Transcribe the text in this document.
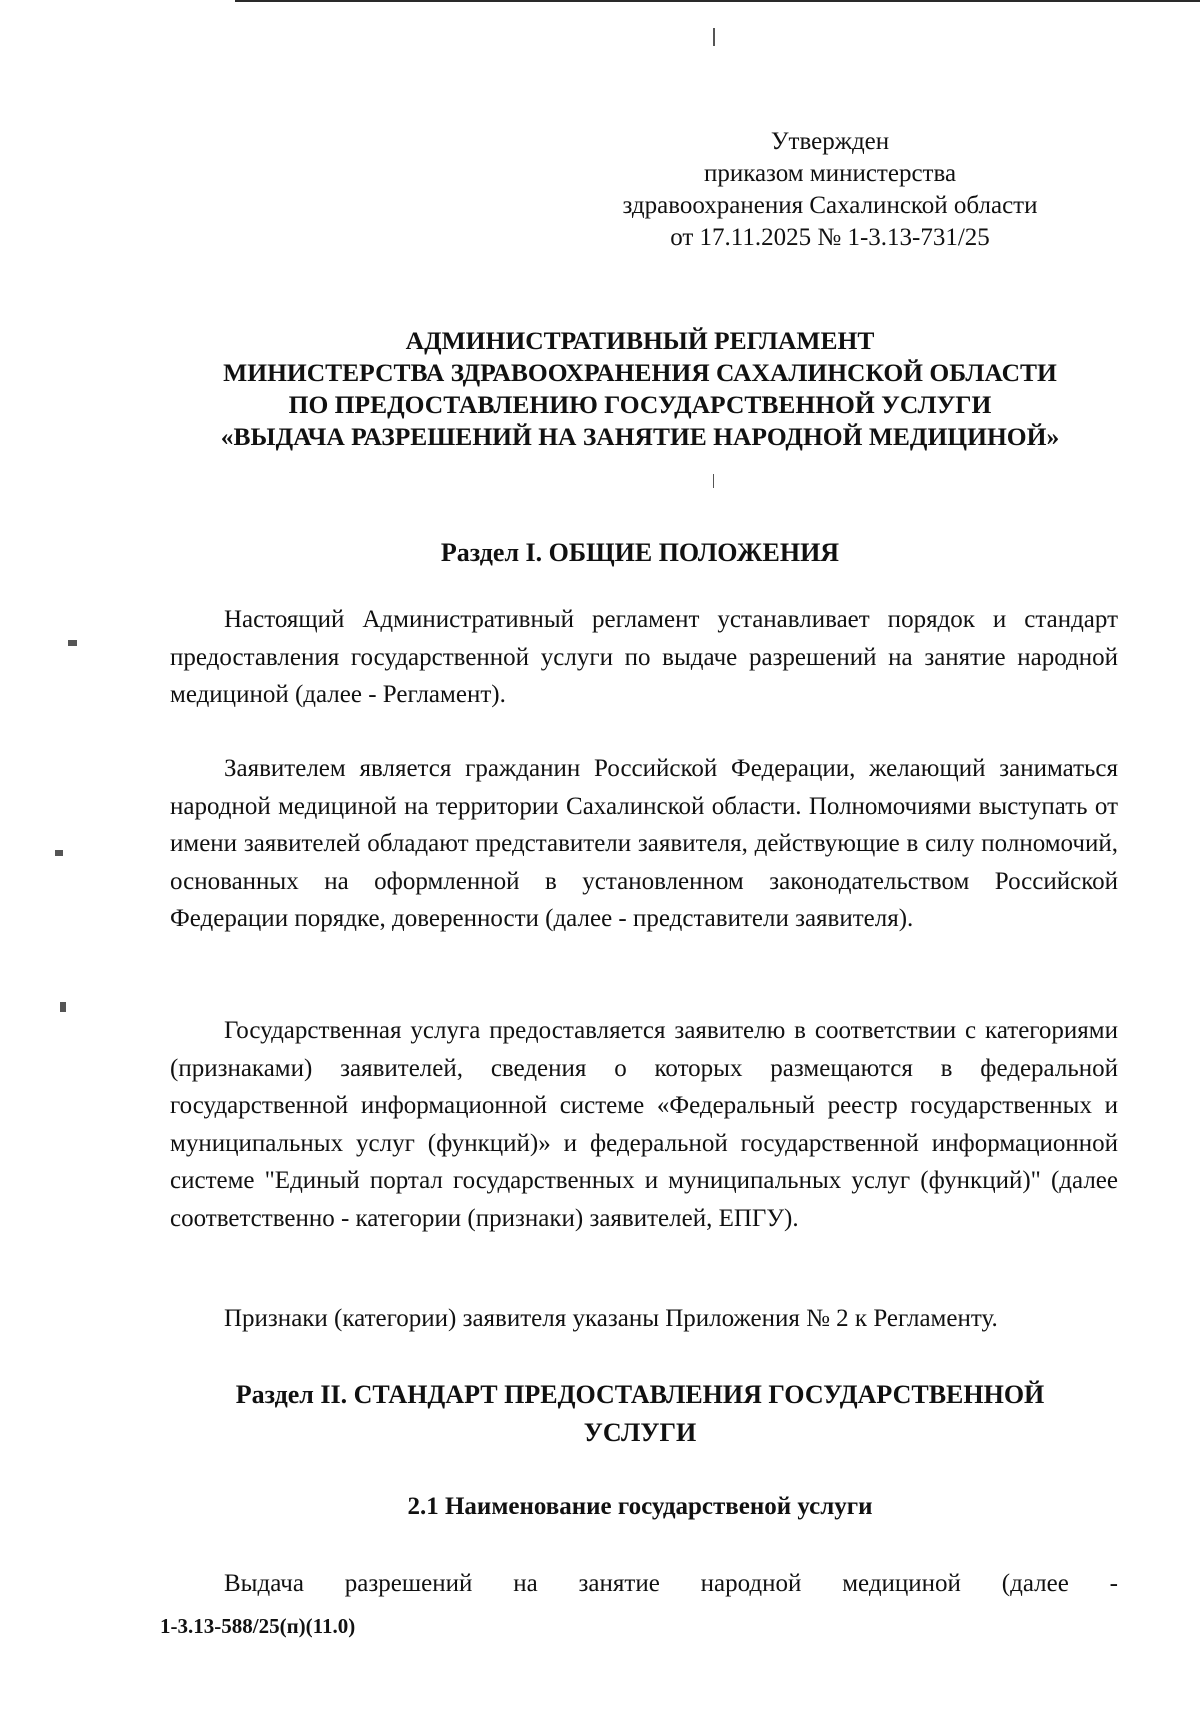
Утвержден
приказом министерства
здравоохранения Сахалинской области
от 17.11.2025 № 1-3.13-731/25
АДМИНИСТРАТИВНЫЙ РЕГЛАМЕНТ
МИНИСТЕРСТВА ЗДРАВООХРАНЕНИЯ САХАЛИНСКОЙ ОБЛАСТИ
ПО ПРЕДОСТАВЛЕНИЮ ГОСУДАРСТВЕННОЙ УСЛУГИ
«ВЫДАЧА РАЗРЕШЕНИЙ НА ЗАНЯТИЕ НАРОДНОЙ МЕДИЦИНОЙ»
Раздел I. ОБЩИЕ ПОЛОЖЕНИЯ
Настоящий Административный регламент устанавливает порядок и стандарт предоставления государственной услуги по выдаче разрешений на занятие народной медициной (далее - Регламент).
Заявителем является гражданин Российской Федерации, желающий заниматься народной медициной на территории Сахалинской области. Полномочиями выступать от имени заявителей обладают представители заявителя, действующие в силу полномочий, основанных на оформленной в установленном законодательством Российской Федерации порядке, доверенности (далее - представители заявителя).
Государственная услуга предоставляется заявителю в соответствии с категориями (признаками) заявителей, сведения о которых размещаются в федеральной государственной информационной системе «Федеральный реестр государственных и муниципальных услуг (функций)» и федеральной государственной информационной системе "Единый портал государственных и муниципальных услуг (функций)" (далее соответственно - категории (признаки) заявителей, ЕПГУ).
Признаки (категории) заявителя указаны Приложения № 2 к Регламенту.
Раздел II. СТАНДАРТ ПРЕДОСТАВЛЕНИЯ ГОСУДАРСТВЕННОЙ
УСЛУГИ
2.1 Наименование государственой услуги
Выдача разрешений на занятие народной медициной (далее -
1-3.13-588/25(п)(11.0)
